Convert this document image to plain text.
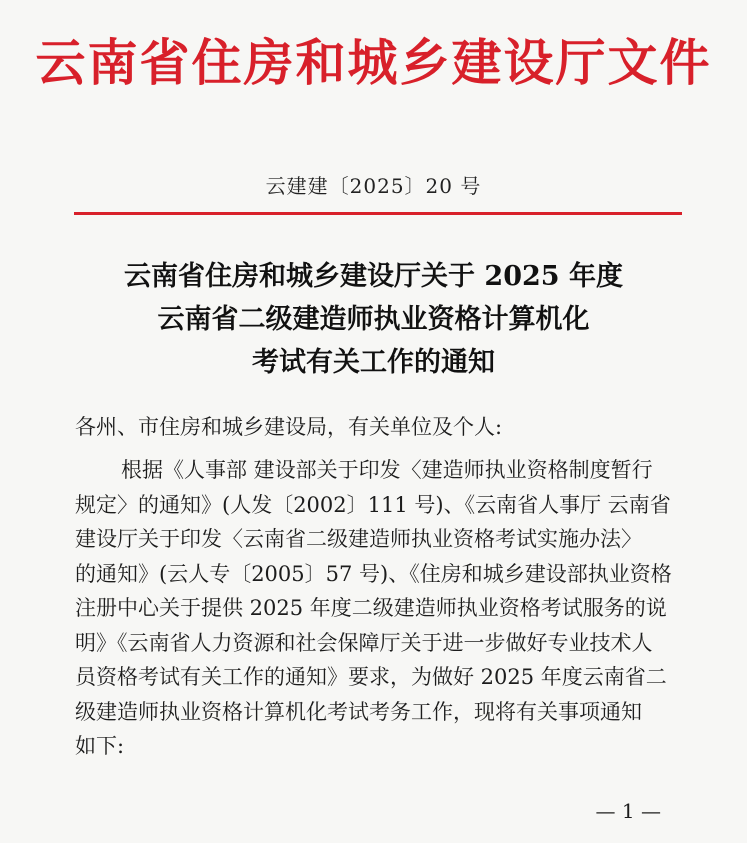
云南省住房和城乡建设厅文件
云建建〔2025〕20 号
云南省住房和城乡建设厅关于 2025 年度
云南省二级建造师执业资格计算机化
考试有关工作的通知
各州、市住房和城乡建设局，有关单位及个人:
根据《人事部 建设部关于印发〈建造师执业资格制度暂行
规定〉的通知》(人发〔2002〕111 号)、《云南省人事厅 云南省
建设厅关于印发〈云南省二级建造师执业资格考试实施办法〉
的通知》(云人专〔2005〕57 号)、《住房和城乡建设部执业资格
注册中心关于提供 2025 年度二级建造师执业资格考试服务的说
明》《云南省人力资源和社会保障厅关于进一步做好专业技术人
员资格考试有关工作的通知》要求，为做好 2025 年度云南省二
级建造师执业资格计算机化考试考务工作，现将有关事项通知
如下:
— 1 —
